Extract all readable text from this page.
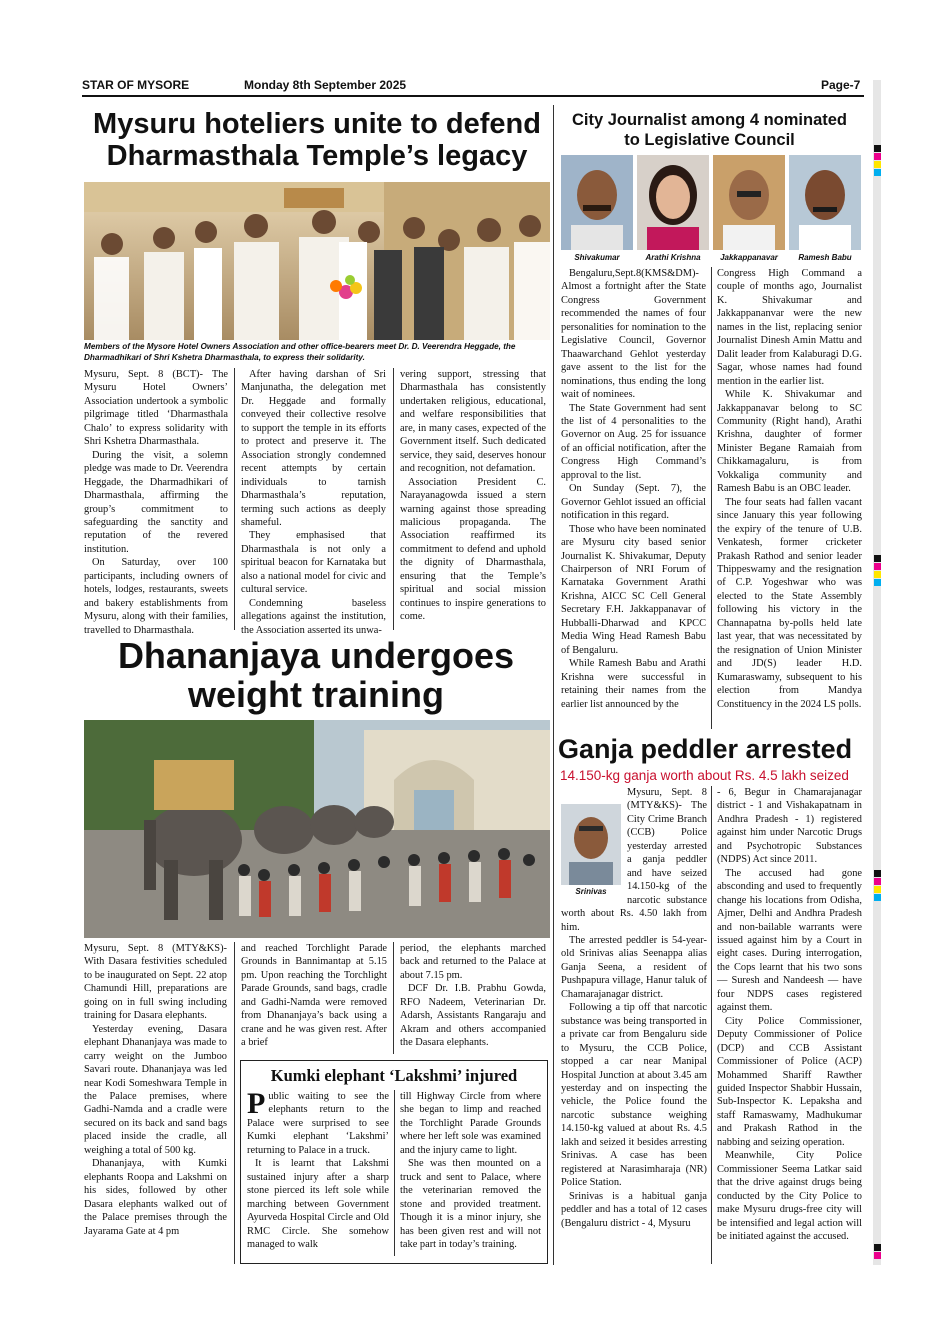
STAR OF MYSORE	Monday 8th September 2025	Page-7
Mysuru hoteliers unite to defend
Dharmasthala Temple’s legacy
Members of the Mysore Hotel Owners Association and other office-bearers meet Dr. D. Veerendra Heggade, the Dharmadhikari of Shri Kshetra Dharmasthala, to express their solidarity.

Mysuru, Sept. 8 (BCT)- The Mysuru Hotel Owners’ Association undertook a symbolic pilgrimage titled ‘Dharmasthala Chalo’ to express solidarity with Shri Kshetra Dharmasthala.

During the visit, a solemn pledge was made to Dr. Veerendra Heggade, the Dharmadhikari of Dharmasthala, affirming the group’s commitment to safeguarding the sanctity and reputation of the revered institution.

On Saturday, over 100 participants, including owners of hotels, lodges, restaurants, sweets and bakery establishments from Mysuru, along with their families, travelled to Dharmasthala.

After having darshan of Sri Manjunatha, the delegation met Dr. Heggade and formally conveyed their collective resolve to support the temple in its efforts to protect and preserve it. The Association strongly condemned recent attempts by certain individuals to tarnish Dharmasthala’s reputation, terming such actions as deeply shameful.

They emphasised that Dharmasthala is not only a spiritual beacon for Karnataka but also a national model for civic and cultural service.

Condemning baseless allegations against the institution, the Association asserted its unwa-

vering support, stressing that Dharmasthala has consistently undertaken religious, educational, and welfare responsibilities that are, in many cases, expected of the Government itself. Such dedicated service, they said, deserves honour and recognition, not defamation.

Association President C. Narayanagowda issued a stern warning against those spreading malicious propaganda. The Association reaffirmed its commitment to defend and uphold the dignity of Dharmasthala, ensuring that the Temple’s spiritual and social mission continues to inspire generations to come.

City Journalist among 4 nominated
to Legislative Council
Shivakumar	Arathi Krishna	Jakkappanavar	Ramesh Babu

Bengaluru,Sept.8(KMS&DM)- Almost a fortnight after the State Congress Government recommended the names of four personalities for nomination to the Legislative Council, Governor Thaawarchand Gehlot yesterday gave assent to the list for the nominations, thus ending the long wait of nominees.

The State Government had sent the list of 4 personalities to the Governor on Aug. 25 for issuance of an official notification, after the Congress High Command’s approval to the list.

On Sunday (Sept. 7), the Governor Gehlot issued an official notification in this regard.

Those who have been nominated are Mysuru city based senior Journalist K. Shivakumar, Deputy Chairperson of NRI Forum of Karnataka Government Arathi Krishna, AICC SC Cell General Secretary F.H. Jakkappanavar of Hubballi-Dharwad and KPCC Media Wing Head Ramesh Babu of Bengaluru.

While Ramesh Babu and Arathi Krishna were successful in retaining their names from the earlier list announced by the

Congress High Command a couple of months ago, Journalist K. Shivakumar and Jakkappananvar were the new names in the list, replacing senior Journalist Dinesh Amin Mattu and Dalit leader from Kalaburagi D.G. Sagar, whose names had found mention in the earlier list.

While K. Shivakumar and Jakkappanavar belong to SC Community (Right hand), Arathi Krishna, daughter of former Minister Begane Ramaiah from Chikkamagaluru, is from Vokkaliga community and Ramesh Babu is an OBC leader.

The four seats had fallen vacant since January this year following the expiry of the tenure of U.B. Venkatesh, former cricketer Prakash Rathod and senior leader Thippeswamy and the resignation of C.P. Yogeshwar who was elected to the State Assembly following his victory in the Channapatna by-polls held late last year, that was necessitated by the resignation of Union Minister and JD(S) leader H.D. Kumaraswamy, subsequent to his election from Mandya Constituency in the 2024 LS polls.

Dhananjaya undergoes
weight training

Mysuru, Sept. 8 (MTY&KS)- With Dasara festivities scheduled to be inaugurated on Sept. 22 atop Chamundi Hill, preparations are going on in full swing including training for Dasara elephants.

Yesterday evening, Dasara elephant Dhananjaya was made to carry weight on the Jumboo Savari route. Dhananjaya was led near Kodi Someshwara Temple in the Palace premises, where Gadhi-Namda and a cradle were secured on its back and sand bags placed inside the cradle, all weighing a total of 500 kg.

Dhananjaya, with Kumki elephants Roopa and Lakshmi on his sides, followed by other Dasara elephants walked out of the Palace premises through the Jayarama Gate at 4 pm

and reached Torchlight Parade Grounds in Bannimantap at 5.15 pm. Upon reaching the Torchlight Parade Grounds, sand bags, cradle and Gadhi-Namda were removed from Dhananjaya’s back using a crane and he was given rest. After a brief

period, the elephants marched back and returned to the Palace at about 7.15 pm.

DCF Dr. I.B. Prabhu Gowda, RFO Nadeem, Veterinarian Dr. Adarsh, Assistants Rangaraju and Akram and others accompanied the Dasara elephants.

Kumki elephant ‘Lakshmi’ injured

Public waiting to see the elephants return to the Palace were surprised to see Kumki elephant ‘Lakshmi’ returning to Palace in a truck.

It is learnt that Lakshmi sustained injury after a sharp stone pierced its left sole while marching between Government Ayurveda Hospital Circle and Old RMC Circle. She somehow managed to walk

till Highway Circle from where she began to limp and reached the Torchlight Parade Grounds where her left sole was examined and the injury came to light.

She was then mounted on a truck and sent to Palace, where the veterinarian removed the stone and provided treatment. Though it is a minor injury, she has been given rest and will not take part in today’s training.

Ganja peddler arrested
14.150-kg ganja worth about Rs. 4.5 lakh seized
Srinivas

Mysuru, Sept. 8 (MTY&KS)- The City Crime Branch (CCB) Police yesterday arrested a ganja peddler and have seized 14.150-kg of the narcotic substance worth about Rs. 4.50 lakh from him.

The arrested peddler is 54-year-old Srinivas alias Seenappa alias Ganja Seena, a resident of Pushpapura village, Hanur taluk of Chamarajanagar district.

Following a tip off that narcotic substance was being transported in a private car from Bengaluru side to Mysuru, the CCB Police, stopped a car near Manipal Hospital Junction at about 3.45 am yesterday and on inspecting the vehicle, the Police found the narcotic substance weighing 14.150-kg valued at about Rs. 4.5 lakh and seized it besides arresting Srinivas. A case has been registered at Narasimharaja (NR) Police Station.

Srinivas is a habitual ganja peddler and has a total of 12 cases (Bengaluru district - 4, Mysuru

- 6, Begur in Chamarajanagar district - 1 and Vishakapatnam in Andhra Pradesh - 1) registered against him under Narcotic Drugs and Psychotropic Substances (NDPS) Act since 2011.

The accused had gone absconding and used to frequently change his locations from Odisha, Ajmer, Delhi and Andhra Pradesh and non-bailable warrants were issued against him by a Court in eight cases. During interrogation, the Cops learnt that his two sons — Suresh and Nandeesh — have four NDPS cases registered against them.

City Police Commissioner, Deputy Commissioner of Police (DCP) and CCB Assistant Commissioner of Police (ACP) Mohammed Shariff Rawther guided Inspector Shabbir Hussain, Sub-Inspector K. Lepaksha and staff Ramaswamy, Madhukumar and Prakash Rathod in the nabbing and seizing operation.

Meanwhile, City Police Commissioner Seema Latkar said that the drive against drugs being conducted by the City Police to make Mysuru drugs-free city will be intensified and legal action will be initiated against the accused.
